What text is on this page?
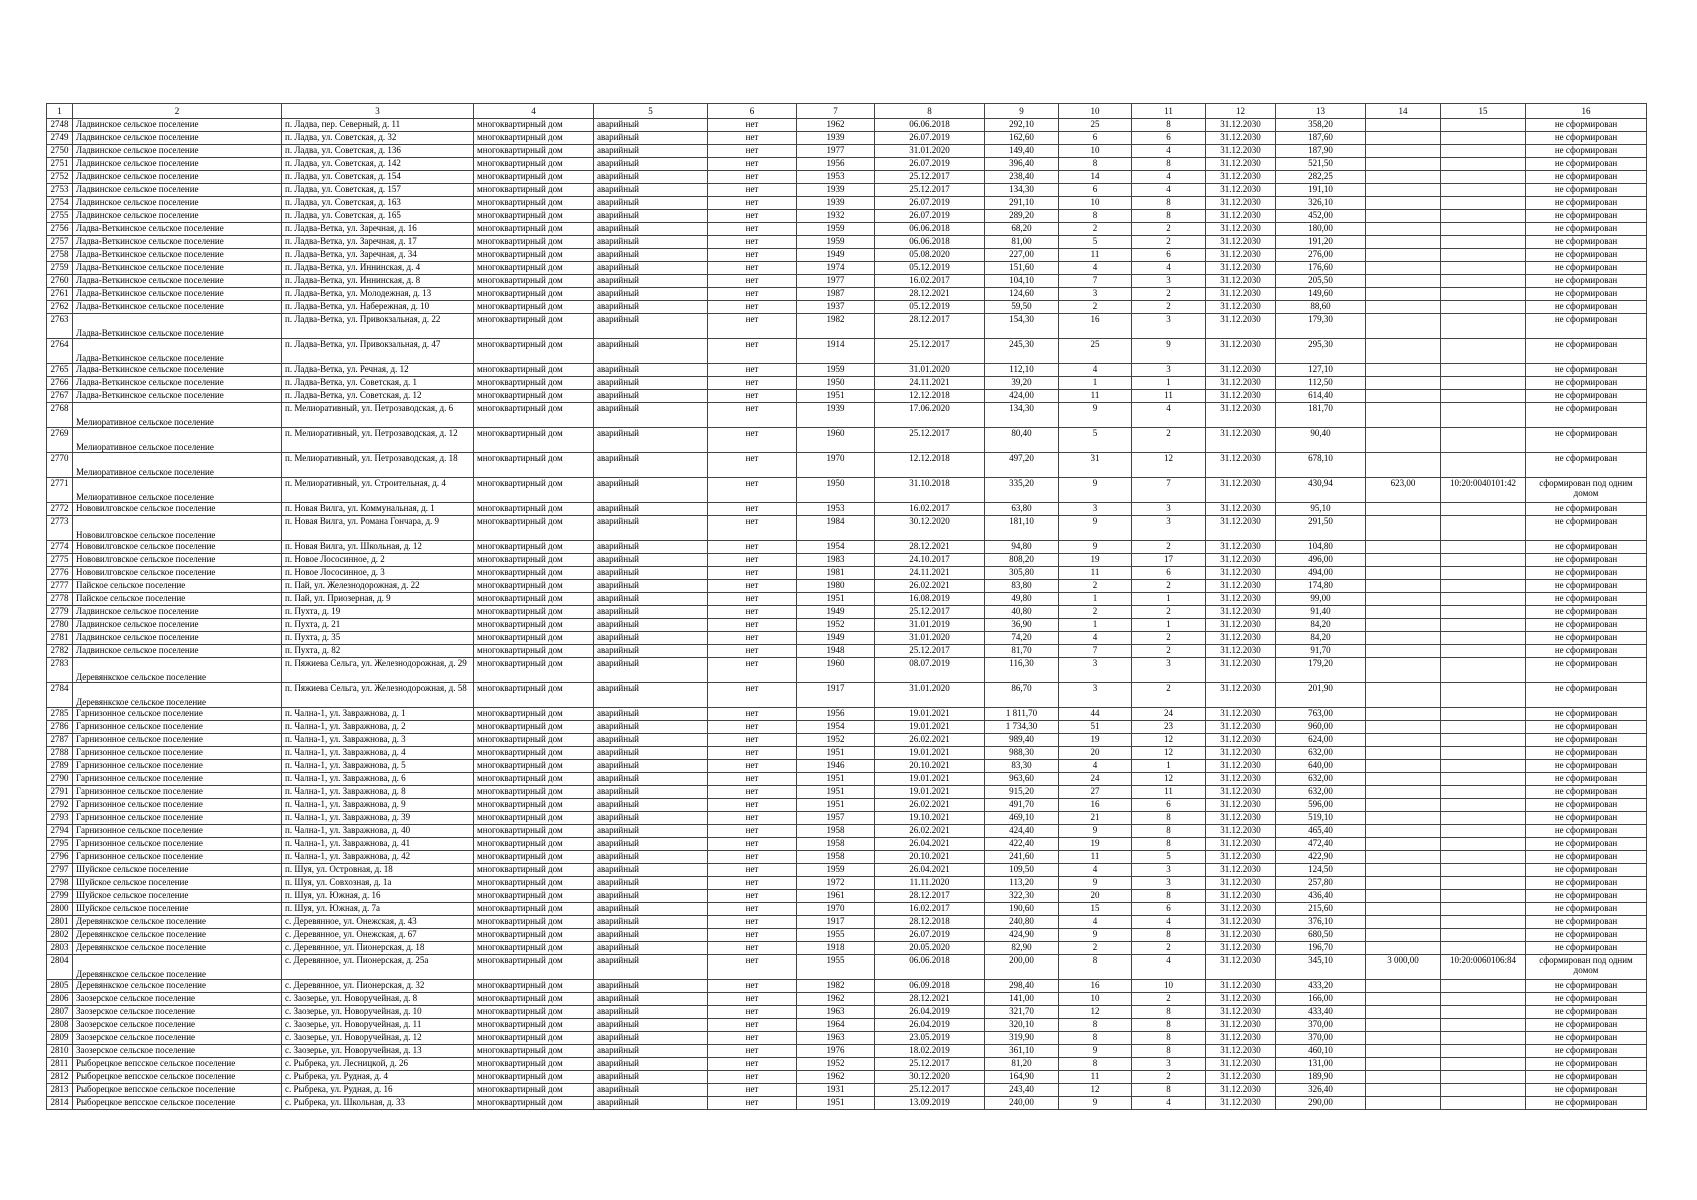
1	2	3	4	5	6	7	8	9	10	11	12	13	14	15	16
2748	Ладвинское сельское поселение	п. Ладва, пер. Северный, д. 11	многоквартирный дом	аварийный	нет	1962	06.06.2018	292,10	25	8	31.12.2030	358,20			не сформирован
2749	Ладвинское сельское поселение	п. Ладва, ул. Советская, д. 32	многоквартирный дом	аварийный	нет	1939	26.07.2019	162,60	6	6	31.12.2030	187,60			не сформирован
2750	Ладвинское сельское поселение	п. Ладва, ул. Советская, д. 136	многоквартирный дом	аварийный	нет	1977	31.01.2020	149,40	10	4	31.12.2030	187,90			не сформирован
2751	Ладвинское сельское поселение	п. Ладва, ул. Советская, д. 142	многоквартирный дом	аварийный	нет	1956	26.07.2019	396,40	8	8	31.12.2030	521,50			не сформирован
2752	Ладвинское сельское поселение	п. Ладва, ул. Советская, д. 154	многоквартирный дом	аварийный	нет	1953	25.12.2017	238,40	14	4	31.12.2030	282,25			не сформирован
2753	Ладвинское сельское поселение	п. Ладва, ул. Советская, д. 157	многоквартирный дом	аварийный	нет	1939	25.12.2017	134,30	6	4	31.12.2030	191,10			не сформирован
2754	Ладвинское сельское поселение	п. Ладва, ул. Советская, д. 163	многоквартирный дом	аварийный	нет	1939	26.07.2019	291,10	10	8	31.12.2030	326,10			не сформирован
2755	Ладвинское сельское поселение	п. Ладва, ул. Советская, д. 165	многоквартирный дом	аварийный	нет	1932	26.07.2019	289,20	8	8	31.12.2030	452,00			не сформирован
2756	Ладва-Веткинское сельское поселение	п. Ладва-Ветка, ул. Заречная, д. 16	многоквартирный дом	аварийный	нет	1959	06.06.2018	68,20	2	2	31.12.2030	180,00			не сформирован
2757	Ладва-Веткинское сельское поселение	п. Ладва-Ветка, ул. Заречная, д. 17	многоквартирный дом	аварийный	нет	1959	06.06.2018	81,00	5	2	31.12.2030	191,20			не сформирован
2758	Ладва-Веткинское сельское поселение	п. Ладва-Ветка, ул. Заречная, д. 34	многоквартирный дом	аварийный	нет	1949	05.08.2020	227,00	11	6	31.12.2030	276,00			не сформирован
2759	Ладва-Веткинское сельское поселение	п. Ладва-Ветка, ул. Иннинская, д. 4	многоквартирный дом	аварийный	нет	1974	05.12.2019	151,60	4	4	31.12.2030	176,60			не сформирован
2760	Ладва-Веткинское сельское поселение	п. Ладва-Ветка, ул. Иннинская, д. 8	многоквартирный дом	аварийный	нет	1977	16.02.2017	104,10	7	3	31.12.2030	205,50			не сформирован
2761	Ладва-Веткинское сельское поселение	п. Ладва-Ветка, ул. Молодежная, д. 13	многоквартирный дом	аварийный	нет	1987	28.12.2021	124,60	3	2	31.12.2030	149,60			не сформирован
2762	Ладва-Веткинское сельское поселение	п. Ладва-Ветка, ул. Набережная, д. 10	многоквартирный дом	аварийный	нет	1937	05.12.2019	59,50	2	2	31.12.2030	88,60			не сформирован
2763	Ладва-Веткинское сельское поселение	п. Ладва-Ветка, ул. Привокзальная, д. 22	многоквартирный дом	аварийный	нет	1982	28.12.2017	154,30	16	3	31.12.2030	179,30			не сформирован
2764	Ладва-Веткинское сельское поселение	п. Ладва-Ветка, ул. Привокзальная, д. 47	многоквартирный дом	аварийный	нет	1914	25.12.2017	245,30	25	9	31.12.2030	295,30			не сформирован
2765	Ладва-Веткинское сельское поселение	п. Ладва-Ветка, ул. Речная, д. 12	многоквартирный дом	аварийный	нет	1959	31.01.2020	112,10	4	3	31.12.2030	127,10			не сформирован
2766	Ладва-Веткинское сельское поселение	п. Ладва-Ветка, ул. Советская, д. 1	многоквартирный дом	аварийный	нет	1950	24.11.2021	39,20	1	1	31.12.2030	112,50			не сформирован
2767	Ладва-Веткинское сельское поселение	п. Ладва-Ветка, ул. Советская, д. 12	многоквартирный дом	аварийный	нет	1951	12.12.2018	424,00	11	11	31.12.2030	614,40			не сформирован
2768	Мелиоративное сельское поселение	п. Мелиоративный, ул. Петрозаводская, д. 6	многоквартирный дом	аварийный	нет	1939	17.06.2020	134,30	9	4	31.12.2030	181,70			не сформирован
2769	Мелиоративное сельское поселение	п. Мелиоративный, ул. Петрозаводская, д. 12	многоквартирный дом	аварийный	нет	1960	25.12.2017	80,40	5	2	31.12.2030	90,40			не сформирован
2770	Мелиоративное сельское поселение	п. Мелиоративный, ул. Петрозаводская, д. 18	многоквартирный дом	аварийный	нет	1970	12.12.2018	497,20	31	12	31.12.2030	678,10			не сформирован
2771	Мелиоративное сельское поселение	п. Мелиоративный, ул. Строительная, д. 4	многоквартирный дом	аварийный	нет	1950	31.10.2018	335,20	9	7	31.12.2030	430,94	623,00	10:20:0040101:42	сформирован под одним домом
2772	Нововилговское сельское поселение	п. Новая Вилга, ул. Коммунальная, д. 1	многоквартирный дом	аварийный	нет	1953	16.02.2017	63,80	3	3	31.12.2030	95,10			не сформирован
2773	Нововилговское сельское поселение	п. Новая Вилга, ул. Романа Гончара, д. 9	многоквартирный дом	аварийный	нет	1984	30.12.2020	181,10	9	3	31.12.2030	291,50			не сформирован
2774	Нововилговское сельское поселение	п. Новая Вилга, ул. Школьная, д. 12	многоквартирный дом	аварийный	нет	1954	28.12.2021	94,80	9	2	31.12.2030	104,80			не сформирован
2775	Нововилговское сельское поселение	п. Новое Лососинное, д. 2	многоквартирный дом	аварийный	нет	1983	24.10.2017	808,20	19	17	31.12.2030	496,00			не сформирован
2776	Нововилговское сельское поселение	п. Новое Лососинное, д. 3	многоквартирный дом	аварийный	нет	1981	24.11.2021	305,80	11	6	31.12.2030	494,00			не сформирован
2777	Пайское сельское поселение	п. Пай, ул. Железнодорожная, д. 22	многоквартирный дом	аварийный	нет	1980	26.02.2021	83,80	2	2	31.12.2030	174,80			не сформирован
2778	Пайское сельское поселение	п. Пай, ул. Приозерная, д. 9	многоквартирный дом	аварийный	нет	1951	16.08.2019	49,80	1	1	31.12.2030	99,00			не сформирован
2779	Ладвинское сельское поселение	п. Пухта, д. 19	многоквартирный дом	аварийный	нет	1949	25.12.2017	40,80	2	2	31.12.2030	91,40			не сформирован
2780	Ладвинское сельское поселение	п. Пухта, д. 21	многоквартирный дом	аварийный	нет	1952	31.01.2019	36,90	1	1	31.12.2030	84,20			не сформирован
2781	Ладвинское сельское поселение	п. Пухта, д. 35	многоквартирный дом	аварийный	нет	1949	31.01.2020	74,20	4	2	31.12.2030	84,20			не сформирован
2782	Ладвинское сельское поселение	п. Пухта, д. 82	многоквартирный дом	аварийный	нет	1948	25.12.2017	81,70	7	2	31.12.2030	91,70			не сформирован
2783	Деревянкское сельское поселение	п. Пяжиева Сельга, ул. Железнодорожная, д. 29	многоквартирный дом	аварийный	нет	1960	08.07.2019	116,30	3	3	31.12.2030	179,20			не сформирован
2784	Деревянкское сельское поселение	п. Пяжиева Сельга, ул. Железнодорожная, д. 58	многоквартирный дом	аварийный	нет	1917	31.01.2020	86,70	3	2	31.12.2030	201,90			не сформирован
2785	Гарнизонное сельское поселение	п. Чална-1, ул. Завражнова, д. 1	многоквартирный дом	аварийный	нет	1956	19.01.2021	1 811,70	44	24	31.12.2030	763,00			не сформирован
2786	Гарнизонное сельское поселение	п. Чална-1, ул. Завражнова, д. 2	многоквартирный дом	аварийный	нет	1954	19.01.2021	1 734,30	51	23	31.12.2030	960,00			не сформирован
2787	Гарнизонное сельское поселение	п. Чална-1, ул. Завражнова, д. 3	многоквартирный дом	аварийный	нет	1952	26.02.2021	989,40	19	12	31.12.2030	624,00			не сформирован
2788	Гарнизонное сельское поселение	п. Чална-1, ул. Завражнова, д. 4	многоквартирный дом	аварийный	нет	1951	19.01.2021	988,30	20	12	31.12.2030	632,00			не сформирован
2789	Гарнизонное сельское поселение	п. Чална-1, ул. Завражнова, д. 5	многоквартирный дом	аварийный	нет	1946	20.10.2021	83,30	4	1	31.12.2030	640,00			не сформирован
2790	Гарнизонное сельское поселение	п. Чална-1, ул. Завражнова, д. 6	многоквартирный дом	аварийный	нет	1951	19.01.2021	963,60	24	12	31.12.2030	632,00			не сформирован
2791	Гарнизонное сельское поселение	п. Чална-1, ул. Завражнова, д. 8	многоквартирный дом	аварийный	нет	1951	19.01.2021	915,20	27	11	31.12.2030	632,00			не сформирован
2792	Гарнизонное сельское поселение	п. Чална-1, ул. Завражнова, д. 9	многоквартирный дом	аварийный	нет	1951	26.02.2021	491,70	16	6	31.12.2030	596,00			не сформирован
2793	Гарнизонное сельское поселение	п. Чална-1, ул. Завражнова, д. 39	многоквартирный дом	аварийный	нет	1957	19.10.2021	469,10	21	8	31.12.2030	519,10			не сформирован
2794	Гарнизонное сельское поселение	п. Чална-1, ул. Завражнова, д. 40	многоквартирный дом	аварийный	нет	1958	26.02.2021	424,40	9	8	31.12.2030	465,40			не сформирован
2795	Гарнизонное сельское поселение	п. Чална-1, ул. Завражнова, д. 41	многоквартирный дом	аварийный	нет	1958	26.04.2021	422,40	19	8	31.12.2030	472,40			не сформирован
2796	Гарнизонное сельское поселение	п. Чална-1, ул. Завражнова, д. 42	многоквартирный дом	аварийный	нет	1958	20.10.2021	241,60	11	5	31.12.2030	422,90			не сформирован
2797	Шуйское сельское поселение	п. Шуя, ул. Островная, д. 18	многоквартирный дом	аварийный	нет	1959	26.04.2021	109,50	4	3	31.12.2030	124,50			не сформирован
2798	Шуйское сельское поселение	п. Шуя, ул. Совхозная, д. 1а	многоквартирный дом	аварийный	нет	1972	11.11.2020	113,20	9	3	31.12.2030	257,80			не сформирован
2799	Шуйское сельское поселение	п. Шуя, ул. Южная, д. 16	многоквартирный дом	аварийный	нет	1961	28.12.2017	322,30	20	8	31.12.2030	436,40			не сформирован
2800	Шуйское сельское поселение	п. Шуя, ул. Южная, д. 7а	многоквартирный дом	аварийный	нет	1970	16.02.2017	190,60	15	6	31.12.2030	215,60			не сформирован
2801	Деревянкское сельское поселение	с. Деревянное, ул. Онежская, д. 43	многоквартирный дом	аварийный	нет	1917	28.12.2018	240,80	4	4	31.12.2030	376,10			не сформирован
2802	Деревянкское сельское поселение	с. Деревянное, ул. Онежская, д. 67	многоквартирный дом	аварийный	нет	1955	26.07.2019	424,90	9	8	31.12.2030	680,50			не сформирован
2803	Деревянкское сельское поселение	с. Деревянное, ул. Пионерская, д. 18	многоквартирный дом	аварийный	нет	1918	20.05.2020	82,90	2	2	31.12.2030	196,70			не сформирован
2804	Деревянкское сельское поселение	с. Деревянное, ул. Пионерская, д. 25а	многоквартирный дом	аварийный	нет	1955	06.06.2018	200,00	8	4	31.12.2030	345,10	3 000,00	10:20:0060106:84	сформирован под одним домом
2805	Деревянкское сельское поселение	с. Деревянное, ул. Пионерская, д. 32	многоквартирный дом	аварийный	нет	1982	06.09.2018	298,40	16	10	31.12.2030	433,20			не сформирован
2806	Заозерское сельское поселение	с. Заозерье, ул. Новоручейная, д. 8	многоквартирный дом	аварийный	нет	1962	28.12.2021	141,00	10	2	31.12.2030	166,00			не сформирован
2807	Заозерское сельское поселение	с. Заозерье, ул. Новоручейная, д. 10	многоквартирный дом	аварийный	нет	1963	26.04.2019	321,70	12	8	31.12.2030	433,40			не сформирован
2808	Заозерское сельское поселение	с. Заозерье, ул. Новоручейная, д. 11	многоквартирный дом	аварийный	нет	1964	26.04.2019	320,10	8	8	31.12.2030	370,00			не сформирован
2809	Заозерское сельское поселение	с. Заозерье, ул. Новоручейная, д. 12	многоквартирный дом	аварийный	нет	1963	23.05.2019	319,90	8	8	31.12.2030	370,00			не сформирован
2810	Заозерское сельское поселение	с. Заозерье, ул. Новоручейная, д. 13	многоквартирный дом	аварийный	нет	1976	18.02.2019	361,10	9	8	31.12.2030	460,10			не сформирован
2811	Рыборецкое вепсское сельское поселение	с. Рыбрека, ул. Лесницкой, д. 26	многоквартирный дом	аварийный	нет	1952	25.12.2017	81,20	8	3	31.12.2030	131,00			не сформирован
2812	Рыборецкое вепсское сельское поселение	с. Рыбрека, ул. Рудная, д. 4	многоквартирный дом	аварийный	нет	1962	30.12.2020	164,90	11	2	31.12.2030	189,90			не сформирован
2813	Рыборецкое вепсское сельское поселение	с. Рыбрека, ул. Рудная, д. 16	многоквартирный дом	аварийный	нет	1931	25.12.2017	243,40	12	8	31.12.2030	326,40			не сформирован
2814	Рыборецкое вепсское сельское поселение	с. Рыбрека, ул. Школьная, д. 33	многоквартирный дом	аварийный	нет	1951	13.09.2019	240,00	9	4	31.12.2030	290,00			не сформирован
